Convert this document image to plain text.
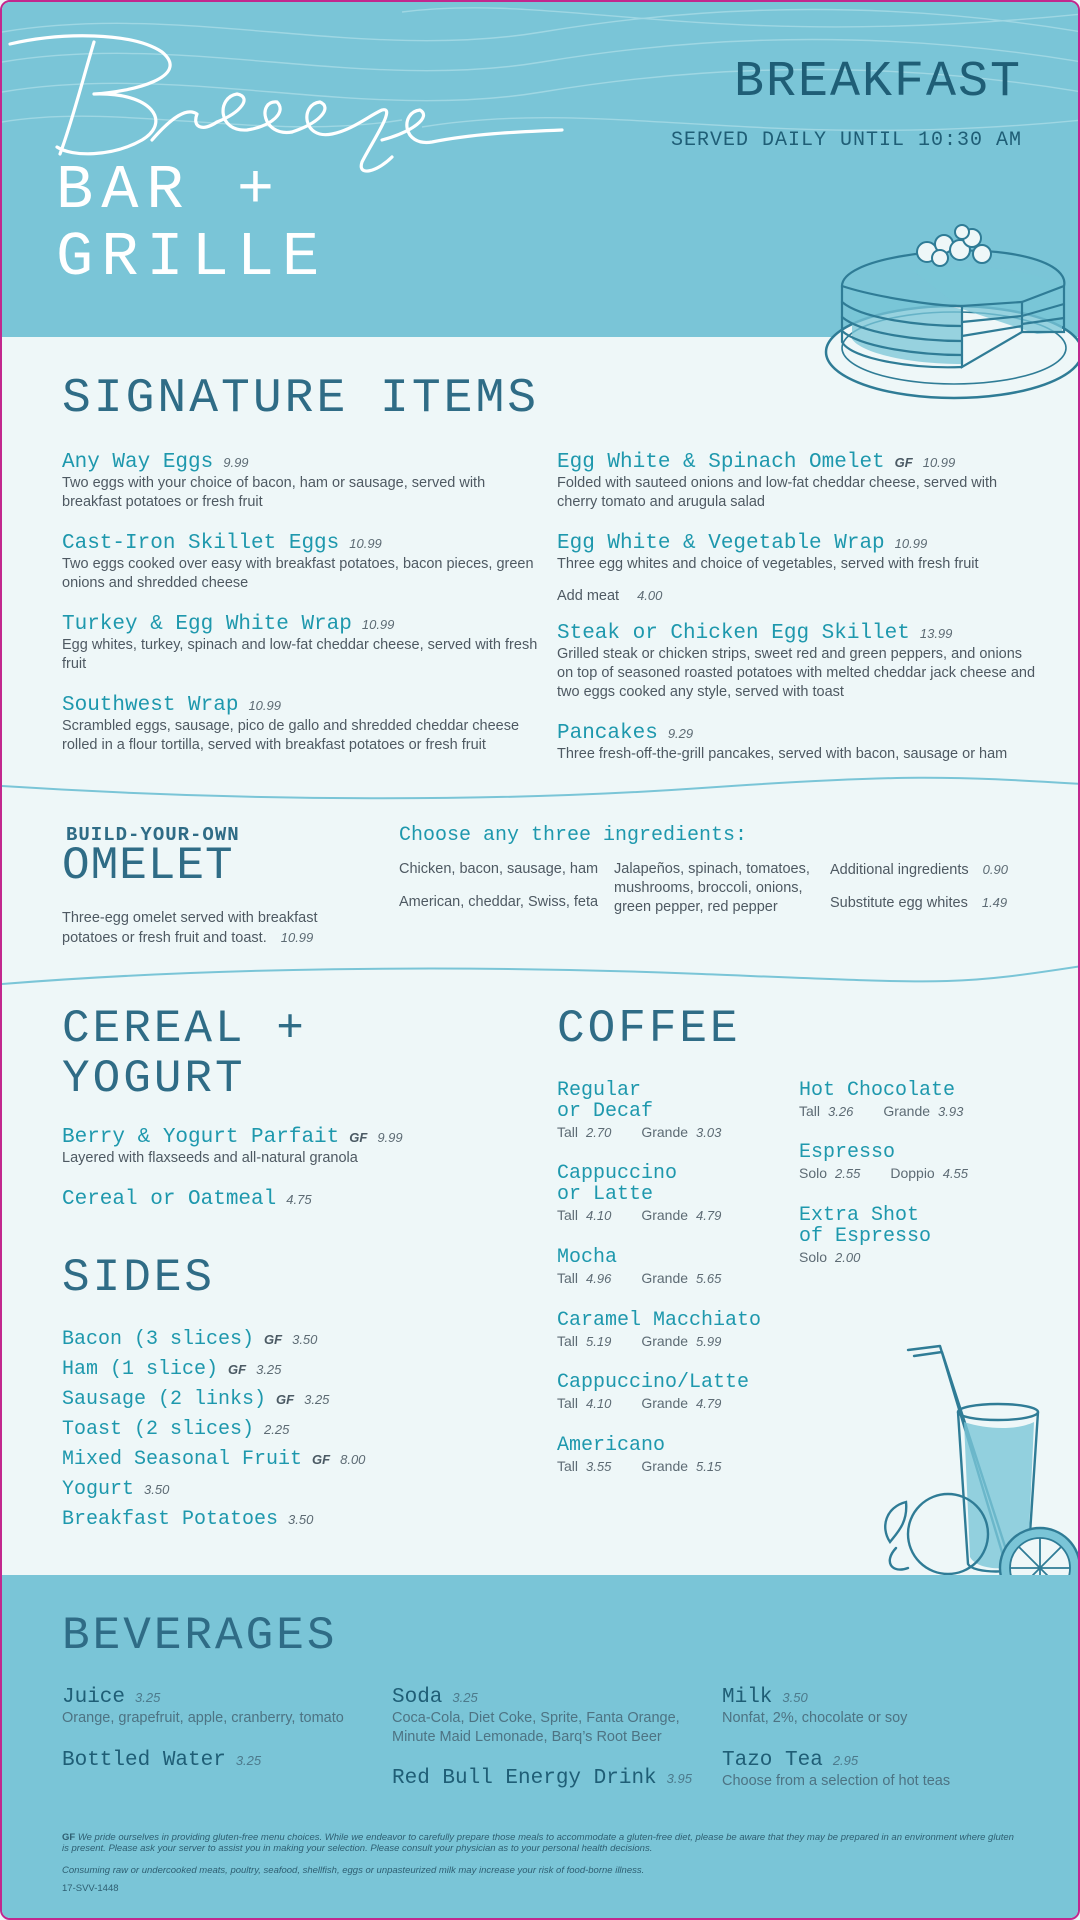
BAR +
GRILLE
BREAKFAST
SERVED DAILY UNTIL 10:30 AM
SIGNATURE ITEMS
Any Way Eggs 9.99
Two eggs with your choice of bacon, ham or sausage, served with breakfast potatoes or fresh fruit
Cast-Iron Skillet Eggs 10.99
Two eggs cooked over easy with breakfast potatoes, bacon pieces, green onions and shredded cheese
Turkey & Egg White Wrap 10.99
Egg whites, turkey, spinach and low-fat cheddar cheese, served with fresh fruit
Southwest Wrap 10.99
Scrambled eggs, sausage, pico de gallo and shredded cheddar cheese rolled in a flour tortilla, served with breakfast potatoes or fresh fruit
Egg White & Spinach Omelet GF 10.99
Folded with sauteed onions and low-fat cheddar cheese, served with cherry tomato and arugula salad
Egg White & Vegetable Wrap 10.99
Three egg whites and choice of vegetables, served with fresh fruit
Add meat 4.00
Steak or Chicken Egg Skillet 13.99
Grilled steak or chicken strips, sweet red and green peppers, and onions on top of seasoned roasted potatoes with melted cheddar jack cheese and two eggs cooked any style, served with toast
Pancakes 9.29
Three fresh-off-the-grill pancakes, served with bacon, sausage or ham
BUILD-YOUR-OWN
OMELET
Three-egg omelet served with breakfast potatoes or fresh fruit and toast. 10.99
Choose any three ingredients:
Chicken, bacon, sausage, ham
American, cheddar, Swiss, feta
Jalapeños, spinach, tomatoes, mushrooms, broccoli, onions, green pepper, red pepper
Additional ingredients 0.90
Substitute egg whites 1.49
CEREAL +
YOGURT
Berry & Yogurt Parfait GF 9.99
Layered with flaxseeds and all-natural granola
Cereal or Oatmeal 4.75
SIDES
Bacon (3 slices) GF 3.50
Ham (1 slice) GF 3.25
Sausage (2 links) GF 3.25
Toast (2 slices) 2.25
Mixed Seasonal Fruit GF 8.00
Yogurt 3.50
Breakfast Potatoes 3.50
COFFEE
Regular
or Decaf
Tall 2.70 Grande 3.03
Cappuccino
or Latte
Tall 4.10 Grande 4.79
Mocha
Tall 4.96 Grande 5.65
Caramel Macchiato
Tall 5.19 Grande 5.99
Cappuccino/Latte
Tall 4.10 Grande 4.79
Americano
Tall 3.55 Grande 5.15
Hot Chocolate
Tall 3.26 Grande 3.93
Espresso
Solo 2.55 Doppio 4.55
Extra Shot
of Espresso
Solo 2.00
BEVERAGES
Juice 3.25
Orange, grapefruit, apple, cranberry, tomato
Bottled Water 3.25
Soda 3.25
Coca-Cola, Diet Coke, Sprite, Fanta Orange, Minute Maid Lemonade, Barq’s Root Beer
Red Bull Energy Drink 3.95
Milk 3.50
Nonfat, 2%, chocolate or soy
Tazo Tea 2.95
Choose from a selection of hot teas
GF We pride ourselves in providing gluten-free menu choices. While we endeavor to carefully prepare those meals to accommodate a gluten-free diet, please be aware that they may be prepared in an environment where gluten is present. Please ask your server to assist you in making your selection. Please consult your physician as to your personal health decisions.
Consuming raw or undercooked meats, poultry, seafood, shellfish, eggs or unpasteurized milk may increase your risk of food-borne illness.
17-SVV-1448
